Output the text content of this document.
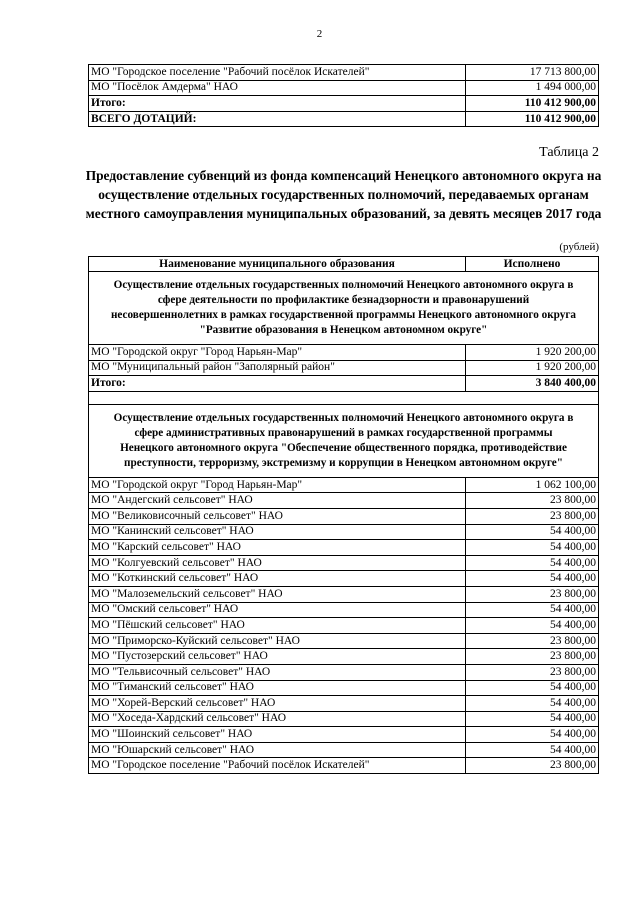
2
МО "Городское поселение "Рабочий посёлок Искателей"	17 713 800,00
МО "Посёлок Амдерма" НАО	1 494 000,00
Итого:	110 412 900,00
ВСЕГО ДОТАЦИЙ:	110 412 900,00
Таблица 2
Предоставление субвенций из фонда компенсаций Ненецкого автономного округа на осуществление отдельных государственных полномочий, передаваемых органам местного самоуправления муниципальных образований, за девять месяцев 2017 года
(рублей)
Наименование муниципального образования	Исполнено
Осуществление отдельных государственных полномочий Ненецкого автономного округа в сфере деятельности по профилактике безнадзорности и правонарушений несовершеннолетних в рамках государственной программы Ненецкого автономного округа "Развитие образования в Ненецком автономном округе"	
МО "Городской округ "Город Нарьян-Мар"	1 920 200,00
МО "Муниципальный район "Заполярный район"	1 920 200,00
Итого:	3 840 400,00

Осуществление отдельных государственных полномочий Ненецкого автономного округа в сфере административных правонарушений в рамках государственной программы Ненецкого автономного округа "Обеспечение общественного порядка, противодействие преступности, терроризму, экстремизму и коррупции в Ненецком автономном округе"	
МО "Городской округ "Город Нарьян-Мар"	1 062 100,00
МО "Андегский сельсовет" НАО	23 800,00
МО "Великовисочный сельсовет" НАО	23 800,00
МО "Канинский сельсовет" НАО	54 400,00
МО "Карский сельсовет" НАО	54 400,00
МО "Колгуевский сельсовет" НАО	54 400,00
МО "Коткинский сельсовет" НАО	54 400,00
МО "Малоземельский сельсовет" НАО	23 800,00
МО "Омский сельсовет" НАО	54 400,00
МО "Пёшский сельсовет" НАО	54 400,00
МО "Приморско-Куйский сельсовет" НАО	23 800,00
МО "Пустозерский сельсовет" НАО	23 800,00
МО "Тельвисочный сельсовет" НАО	23 800,00
МО "Тиманский сельсовет" НАО	54 400,00
МО "Хорей-Верский сельсовет" НАО	54 400,00
МО "Хоседа-Хардский сельсовет" НАО	54 400,00
МО "Шоинский сельсовет" НАО	54 400,00
МО "Юшарский сельсовет" НАО	54 400,00
МО "Городское поселение "Рабочий посёлок Искателей"	23 800,00
